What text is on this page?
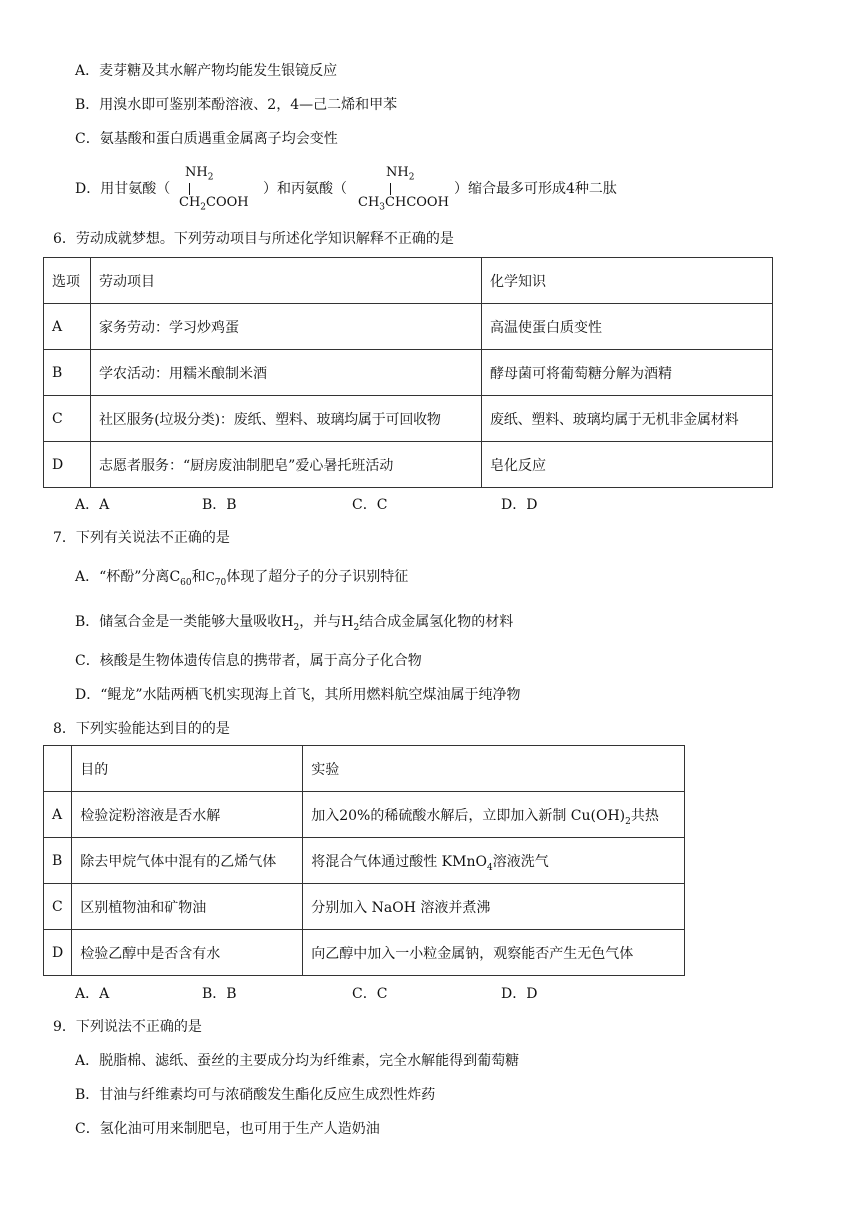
A．麦芽糖及其水解产物均能发生银镜反应
B．用溴水即可鉴别苯酚溶液、2，4—己二烯和甲苯
C．氨基酸和蛋白质遇重金属离子均会变性
D．用甘氨酸（
$NH_2$
$CH_2COOH$
）和丙氨酸（
$NH_2$
$CH_3CHCOOH$
）缩合最多可形成4种二肽
6．劳动成就梦想。下列劳动项目与所述化学知识解释不正确的是
选项	劳动项目	化学知识
A	家务劳动：学习炒鸡蛋	高温使蛋白质变性
B	学农活动：用糯米酿制米酒	酵母菌可将葡萄糖分解为酒精
C	社区服务(垃圾分类)：废纸、塑料、玻璃均属于可回收物	废纸、塑料、玻璃均属于无机非金属材料
D	志愿者服务：“厨房废油制肥皂”爱心暑托班活动	皂化反应
A．A	B．B	C．C	D．D
7．下列有关说法不正确的是
A．“杯酚”分离$C_{60}$和$C_{70}$体现了超分子的分子识别特征
B．储氢合金是一类能够大量吸收$H_2$，并与$H_2$结合成金属氢化物的材料
C．核酸是生物体遗传信息的携带者，属于高分子化合物
D．“鲲龙”水陆两栖飞机实现海上首飞，其所用燃料航空煤油属于纯净物
8．下列实验能达到目的的是
	目的	实验
A	检验淀粉溶液是否水解	加入20%的稀硫酸水解后，立即加入新制 $Cu(OH)_2$共热
B	除去甲烷气体中混有的乙烯气体	将混合气体通过酸性 KMnO$_4$溶液洗气
C	区别植物油和矿物油	分别加入 NaOH 溶液并煮沸
D	检验乙醇中是否含有水	向乙醇中加入一小粒金属钠，观察能否产生无色气体
A．A	B．B	C．C	D．D
9．下列说法不正确的是
A．脱脂棉、滤纸、蚕丝的主要成分均为纤维素，完全水解能得到葡萄糖
B．甘油与纤维素均可与浓硝酸发生酯化反应生成烈性炸药
C．氢化油可用来制肥皂，也可用于生产人造奶油
